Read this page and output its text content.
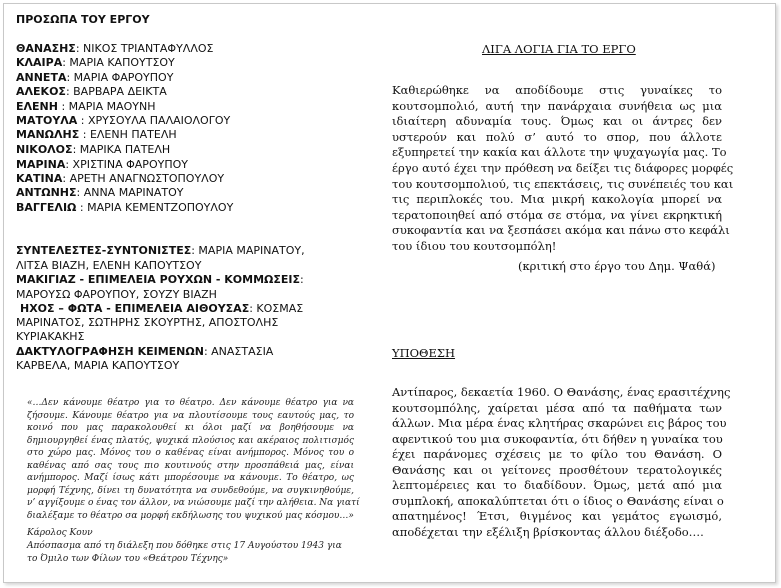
ΠΡΟΣΩΠΑ ΤΟΥ ΕΡΓΟΥ
ΘΑΝΑΣΗΣ: ΝΙΚΟΣ ΤΡΙΑΝΤΑΦΥΛΛΟΣ
ΚΛΑΙΡΑ: ΜΑΡΙΑ ΚΑΠΟΥΤΣΟΥ
ΑΝΝΕΤΑ: ΜΑΡΙΑ ΦΑΡΟΥΠΟΥ
ΑΛΕΚΟΣ: ΒΑΡΒΑΡΑ ΔΕΙΚΤΑ
ΕΛΕΝΗ : ΜΑΡΙΑ ΜΑΟΥΝΗ
ΜΑΤΟΥΛΑ : ΧΡΥΣΟΥΛΑ ΠΑΛΑΙΟΛΟΓΟΥ
ΜΑΝΩΛΗΣ : ΕΛΕΝΗ ΠΑΤΕΛΗ
ΝΙΚΟΛΟΣ: ΜΑΡΙΚΑ ΠΑΤΕΛΗ
ΜΑΡΙΝΑ: ΧΡΙΣΤΙΝΑ ΦΑΡΟΥΠΟΥ
ΚΑΤΙΝΑ: ΑΡΕΤΗ ΑΝΑΓΝΩΣΤΟΠΟΥΛΟΥ
ΑΝΤΩΝΗΣ: ΑΝΝΑ ΜΑΡΙΝΑΤΟΥ
ΒΑΓΓΕΛΙΩ : ΜΑΡΙΑ ΚΕΜΕΝΤΖΟΠΟΥΛΟΥ
ΣΥΝΤΕΛΕΣΤΕΣ-ΣΥΝΤΟΝΙΣΤΕΣ: ΜΑΡΙΑ ΜΑΡΙΝΑΤΟΥ,
ΛΙΤΣΑ ΒΙΑΖΗ, ΕΛΕΝΗ ΚΑΠΟΥΤΣΟΥ
ΜΑΚΙΓΙΑΖ - ΕΠΙΜΕΛΕΙΑ ΡΟΥΧΩΝ - ΚΟΜΜΩΣΕΙΣ:
ΜΑΡΟΥΣΩ ΦΑΡΟΥΠΟΥ, ΣΟΥΖΥ ΒΙΑΖΗ
ΗΧΟΣ – ΦΩΤΑ - ΕΠΙΜΕΛΕΙΑ ΑΙΘΟΥΣΑΣ: ΚΟΣΜΑΣ
ΜΑΡΙΝΑΤΟΣ, ΣΩΤΗΡΗΣ ΣΚΟΥΡΤΗΣ, ΑΠΟΣΤΟΛΗΣ
ΚΥΡΙΑΚΑΚΗΣ
ΔΑΚΤΥΛΟΓΡΑΦΗΣΗ ΚΕΙΜΕΝΩΝ: ΑΝΑΣΤΑΣΙΑ
ΚΑΡΒΕΛΑ, ΜΑΡΙΑ ΚΑΠΟΥΤΣΟΥ
«…Δεν κάνουμε θέατρο για το θέατρο. Δεν κάνουμε θέατρο για να
ζήσουμε. Κάνουμε θέατρο για να πλουτίσουμε τους εαυτούς μας, το
κοινό που μας παρακολουθεί κι όλοι μαζί να βοηθήσουμε να
δημιουργηθεί ένας πλατύς, ψυχικά πλούσιος και ακέραιος πολιτισμός
στο χώρο μας. Μόνος του ο καθένας είναι ανήμπορος. Μόνος του ο
καθένας από σας τους πιο κουτινούς στην προσπάθειά μας, είναι
ανήμπορος. Μαζί ίσως κάτι μπορέσουμε να κάνουμε. Το θέατρο, ως
μορφή Τέχνης, δίνει τη δυνατότητα να συνδεθούμε, να συγκινηθούμε,
ν’ αγγίξουμε ο ένας τον άλλον, να νιώσουμε μαζί την αλήθεια. Να γιατί
διαλέξαμε το θέατρο σα μορφή εκδήλωσης του ψυχικού μας κόσμου…»
Κάρολος Κουν
Απόσπασμα από τη διάλεξη που δόθηκε στις 17 Αυγούστου 1943 για
το Όμιλο των Φίλων του «Θεάτρου Τέχνης»
ΛΙΓΑ ΛΟΓΙΑ ΓΙΑ ΤΟ ΕΡΓΟ
Καθιερώθηκε να αποδίδουμε στις γυναίκες το
κουτσομπολιό, αυτή την πανάρχαια συνήθεια ως μια
ιδιαίτερη αδυναμία τους. Όμως και οι άντρες δεν
υστερούν και πολύ σ’ αυτό το σπορ, που άλλοτε
εξυπηρετεί την κακία και άλλοτε την ψυχαγωγία μας. Το
έργο αυτό έχει την πρόθεση να δείξει τις διάφορες μορφές
του κουτσομπολιού, τις επεκτάσεις, τις συνέπειές του και
τις περιπλοκές του. Μια μικρή κακολογία μπορεί να
τερατοποιηθεί από στόμα σε στόμα, να γίνει εκρηκτική
συκοφαντία και να ξεσπάσει ακόμα και πάνω στο κεφάλι
του ίδιου του κουτσομπόλη!
(κριτική στο έργο του Δημ. Ψαθά)
ΥΠΟΘΕΣΗ
Αντίπαρος, δεκαετία 1960. Ο Θανάσης, ένας ερασιτέχνης
κουτσομπόλης, χαίρεται μέσα από τα παθήματα των
άλλων. Μια μέρα ένας κλητήρας σκαρώνει εις βάρος του
αφεντικού του μια συκοφαντία, ότι δήθεν η γυναίκα του
έχει παράνομες σχέσεις με το φίλο του Θανάση. Ο
Θανάσης και οι γείτονες προσθέτουν τερατολογικές
λεπτομέρειες και το διαδίδουν. Όμως, μετά από μια
συμπλοκή, αποκαλύπτεται ότι ο ίδιος ο Θανάσης είναι ο
απατημένος! Έτσι, θιγμένος και γεμάτος εγωισμό,
αποδέχεται την εξέλιξη βρίσκοντας άλλου διέξοδο….
